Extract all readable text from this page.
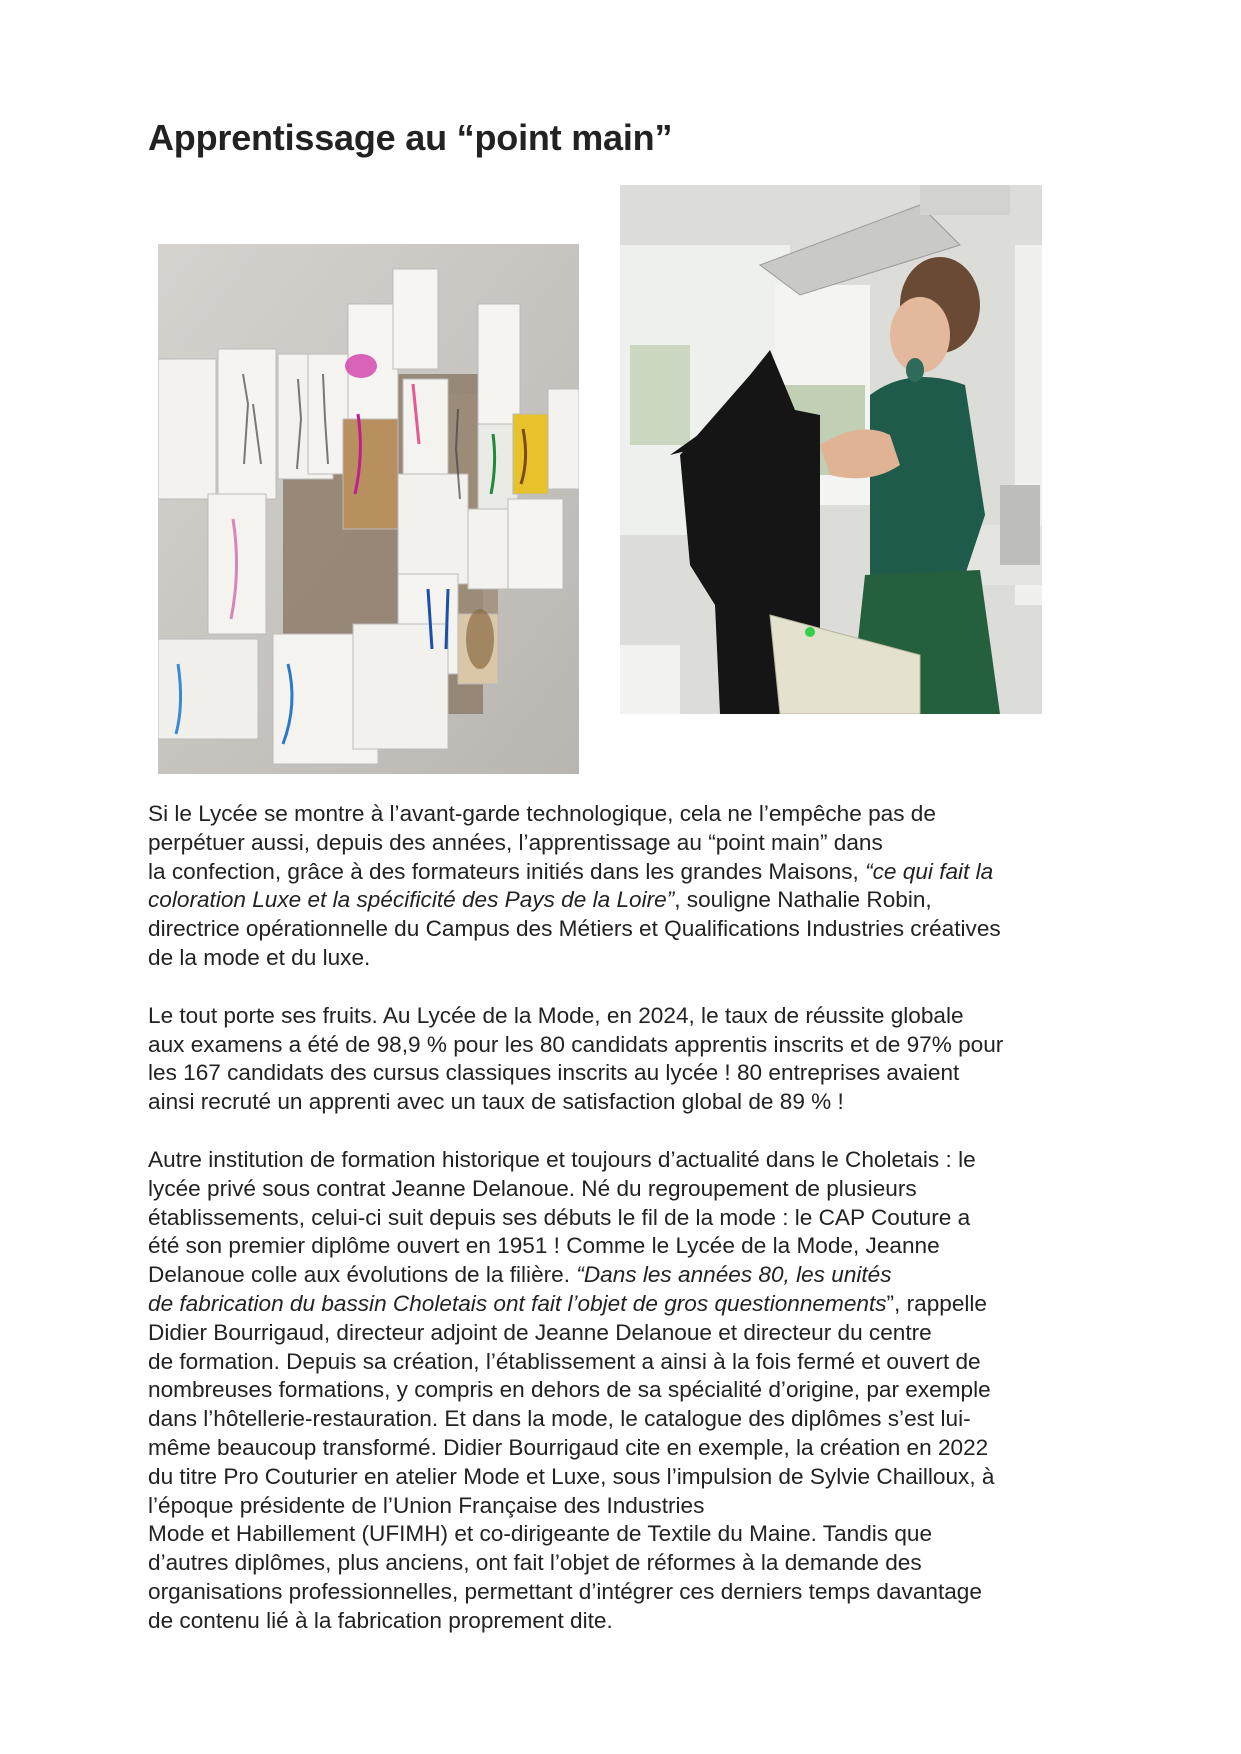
Apprentissage au “point main”

Si le Lycée se montre à l’avant-garde technologique, cela ne l’empêche pas de
perpétuer aussi, depuis des années, l’apprentissage au “point main” dans
la confection, grâce à des formateurs initiés dans les grandes Maisons, “ce qui fait la
coloration Luxe et la spécificité des Pays de la Loire”, souligne Nathalie Robin,
directrice opérationnelle du Campus des Métiers et Qualifications Industries créatives
de la mode et du luxe.

Le tout porte ses fruits. Au Lycée de la Mode, en 2024, le taux de réussite globale
aux examens a été de 98,9 % pour les 80 candidats apprentis inscrits et de 97% pour
les 167 candidats des cursus classiques inscrits au lycée ! 80 entreprises avaient
ainsi recruté un apprenti avec un taux de satisfaction global de 89 % !

Autre institution de formation historique et toujours d’actualité dans le Choletais : le
lycée privé sous contrat Jeanne Delanoue. Né du regroupement de plusieurs
établissements, celui-ci suit depuis ses débuts le fil de la mode : le CAP Couture a
été son premier diplôme ouvert en 1951 ! Comme le Lycée de la Mode, Jeanne
Delanoue colle aux évolutions de la filière. “Dans les années 80, les unités
de fabrication du bassin Choletais ont fait l’objet de gros questionnements”, rappelle
Didier Bourrigaud, directeur adjoint de Jeanne Delanoue et directeur du centre
de formation. Depuis sa création, l’établissement a ainsi à la fois fermé et ouvert de
nombreuses formations, y compris en dehors de sa spécialité d’origine, par exemple
dans l’hôtellerie-restauration. Et dans la mode, le catalogue des diplômes s’est lui-
même beaucoup transformé. Didier Bourrigaud cite en exemple, la création en 2022
du titre Pro Couturier en atelier Mode et Luxe, sous l’impulsion de Sylvie Chailloux, à
l’époque présidente de l’Union Française des Industries
Mode et Habillement (UFIMH) et co-dirigeante de Textile du Maine. Tandis que
d’autres diplômes, plus anciens, ont fait l’objet de réformes à la demande des
organisations professionnelles, permettant d’intégrer ces derniers temps davantage
de contenu lié à la fabrication proprement dite.
